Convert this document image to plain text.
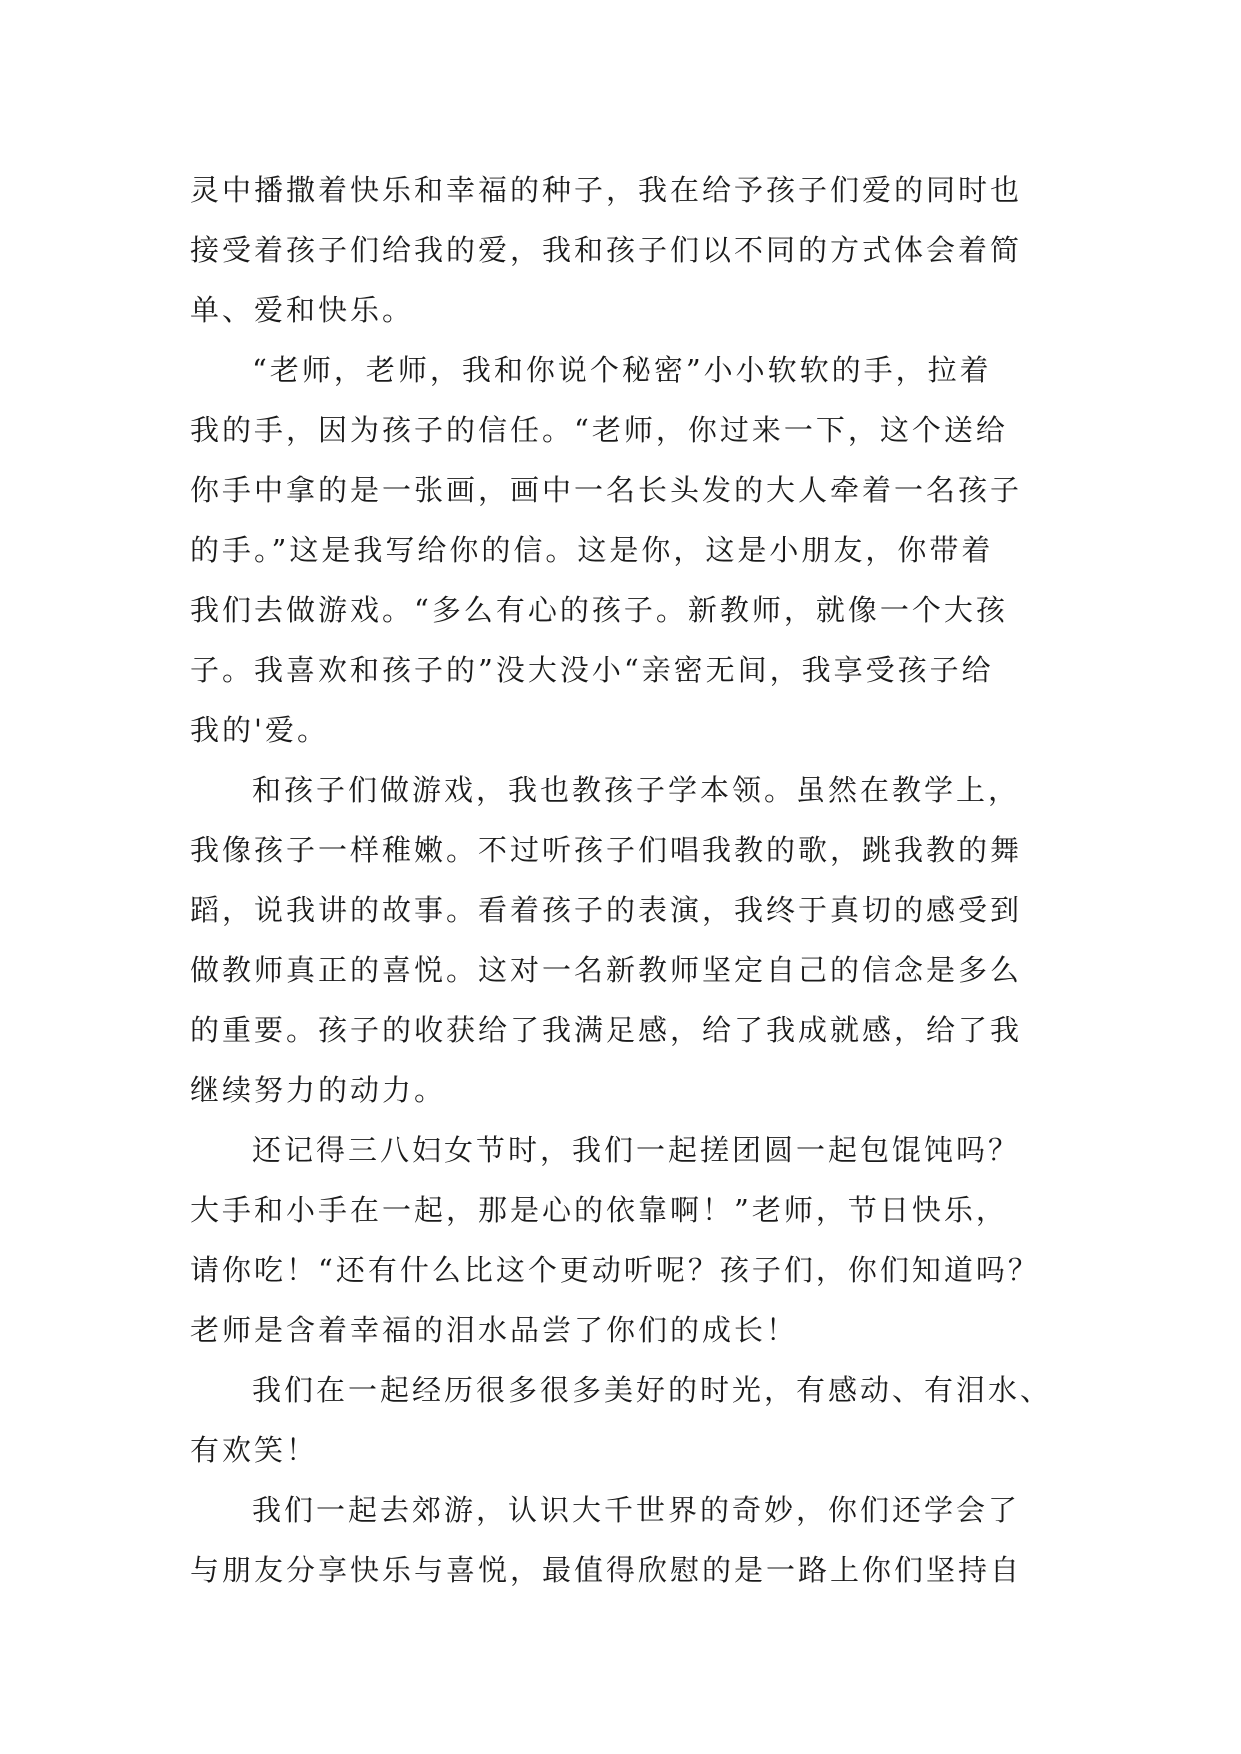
灵中播撒着快乐和幸福的种子，我在给予孩子们爱的同时也
接受着孩子们给我的爱，我和孩子们以不同的方式体会着简
单、爱和快乐。
“老师，老师，我和你说个秘密”小小软软的手，拉着
我的手，因为孩子的信任。“老师，你过来一下，这个送给
你手中拿的是一张画，画中一名长头发的大人牵着一名孩子
的手。”这是我写给你的信。这是你，这是小朋友，你带着
我们去做游戏。“多么有心的孩子。新教师，就像一个大孩
子。我喜欢和孩子的”没大没小“亲密无间，我享受孩子给
我的'爱。
和孩子们做游戏，我也教孩子学本领。虽然在教学上，
我像孩子一样稚嫩。不过听孩子们唱我教的歌，跳我教的舞
蹈，说我讲的故事。看着孩子的表演，我终于真切的感受到
做教师真正的喜悦。这对一名新教师坚定自己的信念是多么
的重要。孩子的收获给了我满足感，给了我成就感，给了我
继续努力的动力。
还记得三八妇女节时，我们一起搓团圆一起包馄饨吗？
大手和小手在一起，那是心的依靠啊！”老师，节日快乐，
请你吃！“还有什么比这个更动听呢？孩子们，你们知道吗？
老师是含着幸福的泪水品尝了你们的成长！
我们在一起经历很多很多美好的时光，有感动、有泪水、
有欢笑！
我们一起去郊游，认识大千世界的奇妙，你们还学会了
与朋友分享快乐与喜悦，最值得欣慰的是一路上你们坚持自
